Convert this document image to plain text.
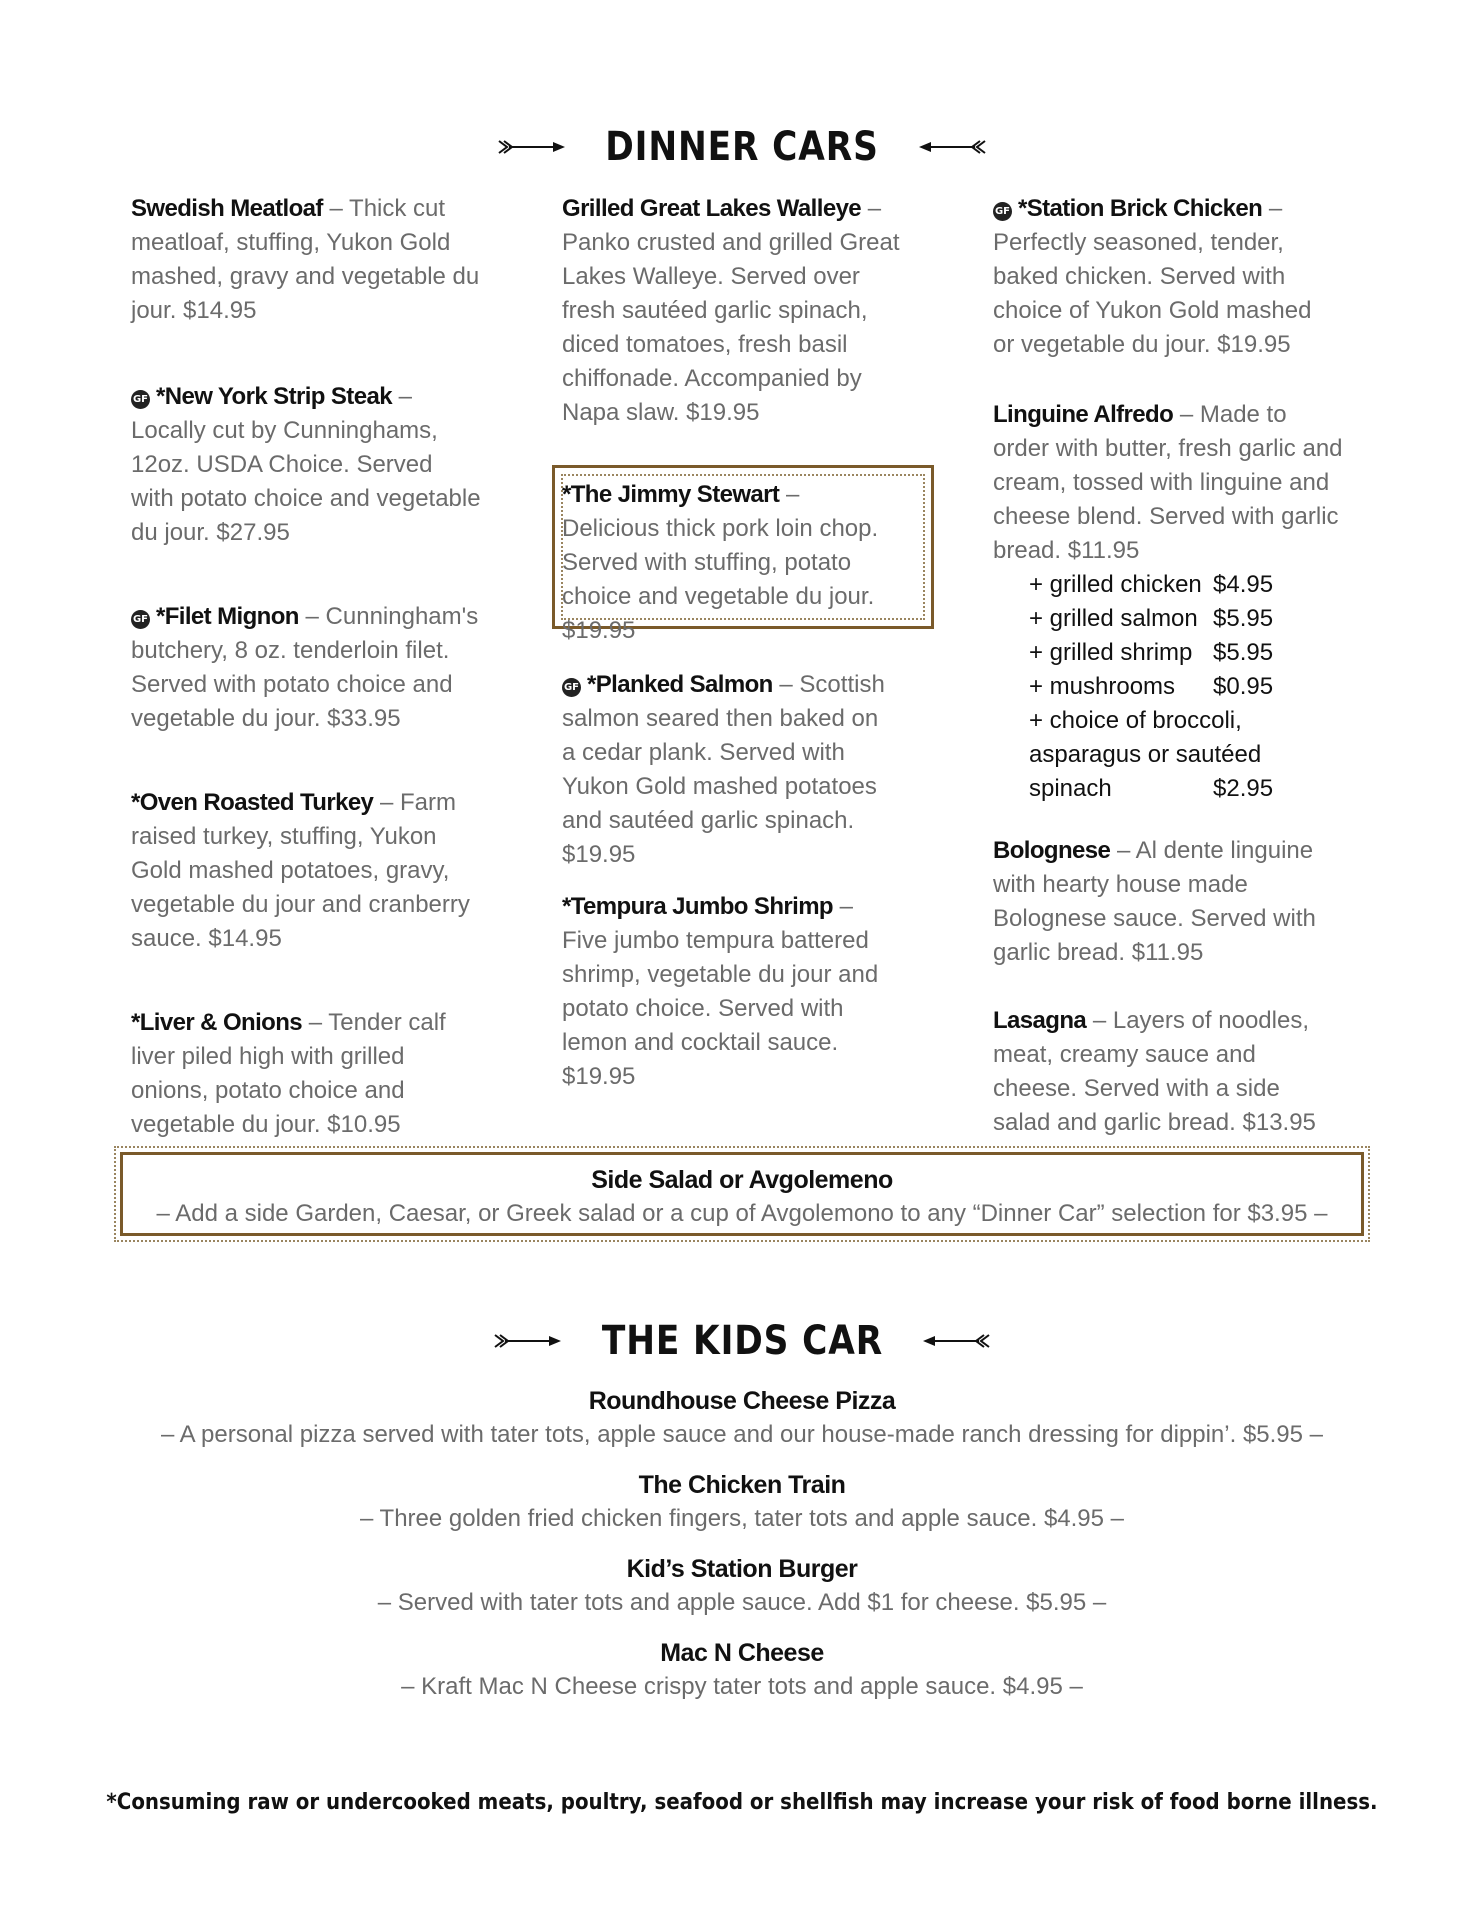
DINNER CARS
Swedish Meatloaf – Thick cut meatloaf, stuffing, Yukon Gold mashed, gravy and vegetable du jour. $14.95
GF *New York Strip Steak – Locally cut by Cunninghams, 12oz. USDA Choice. Served with potato choice and vegetable du jour. $27.95
GF *Filet Mignon – Cunningham's butchery, 8 oz. tenderloin filet. Served with potato choice and vegetable du jour. $33.95
*Oven Roasted Turkey – Farm raised turkey, stuffing, Yukon Gold mashed potatoes, gravy, vegetable du jour and cranberry sauce. $14.95
*Liver & Onions – Tender calf liver piled high with grilled onions, potato choice and vegetable du jour. $10.95
Grilled Great Lakes Walleye – Panko crusted and grilled Great Lakes Walleye. Served over fresh sautéed garlic spinach, diced tomatoes, fresh basil chiffonade. Accompanied by Napa slaw. $19.95
*The Jimmy Stewart – Delicious thick pork loin chop. Served with stuffing, potato choice and vegetable du jour. $19.95
GF *Planked Salmon – Scottish salmon seared then baked on a cedar plank. Served with Yukon Gold mashed potatoes and sautéed garlic spinach. $19.95
*Tempura Jumbo Shrimp – Five jumbo tempura battered shrimp, vegetable du jour and potato choice. Served with lemon and cocktail sauce. $19.95
GF *Station Brick Chicken – Perfectly seasoned, tender, baked chicken. Served with choice of Yukon Gold mashed or vegetable du jour. $19.95
Linguine Alfredo – Made to order with butter, fresh garlic and cream, tossed with linguine and cheese blend. Served with garlic bread. $11.95
+ grilled chicken $4.95
+ grilled salmon $5.95
+ grilled shrimp $5.95
+ mushrooms	$0.95
+ choice of broccoli,
asparagus or sautéed
spinach	$2.95
Bolognese – Al dente linguine with hearty house made Bolognese sauce. Served with garlic bread. $11.95
Lasagna – Layers of noodles, meat, creamy sauce and cheese. Served with a side salad and garlic bread. $13.95
Side Salad or Avgolemeno
– Add a side Garden, Caesar, or Greek salad or a cup of Avgolemono to any “Dinner Car” selection for $3.95 –
THE KIDS CAR
Roundhouse Cheese Pizza
– A personal pizza served with tater tots, apple sauce and our house-made ranch dressing for dippin’. $5.95 –
The Chicken Train
– Three golden fried chicken fingers, tater tots and apple sauce. $4.95 –
Kid’s Station Burger
– Served with tater tots and apple sauce. Add $1 for cheese. $5.95 –
Mac N Cheese
– Kraft Mac N Cheese crispy tater tots and apple sauce. $4.95 –
*Consuming raw or undercooked meats, poultry, seafood or shellfish may increase your risk of food borne illness.
